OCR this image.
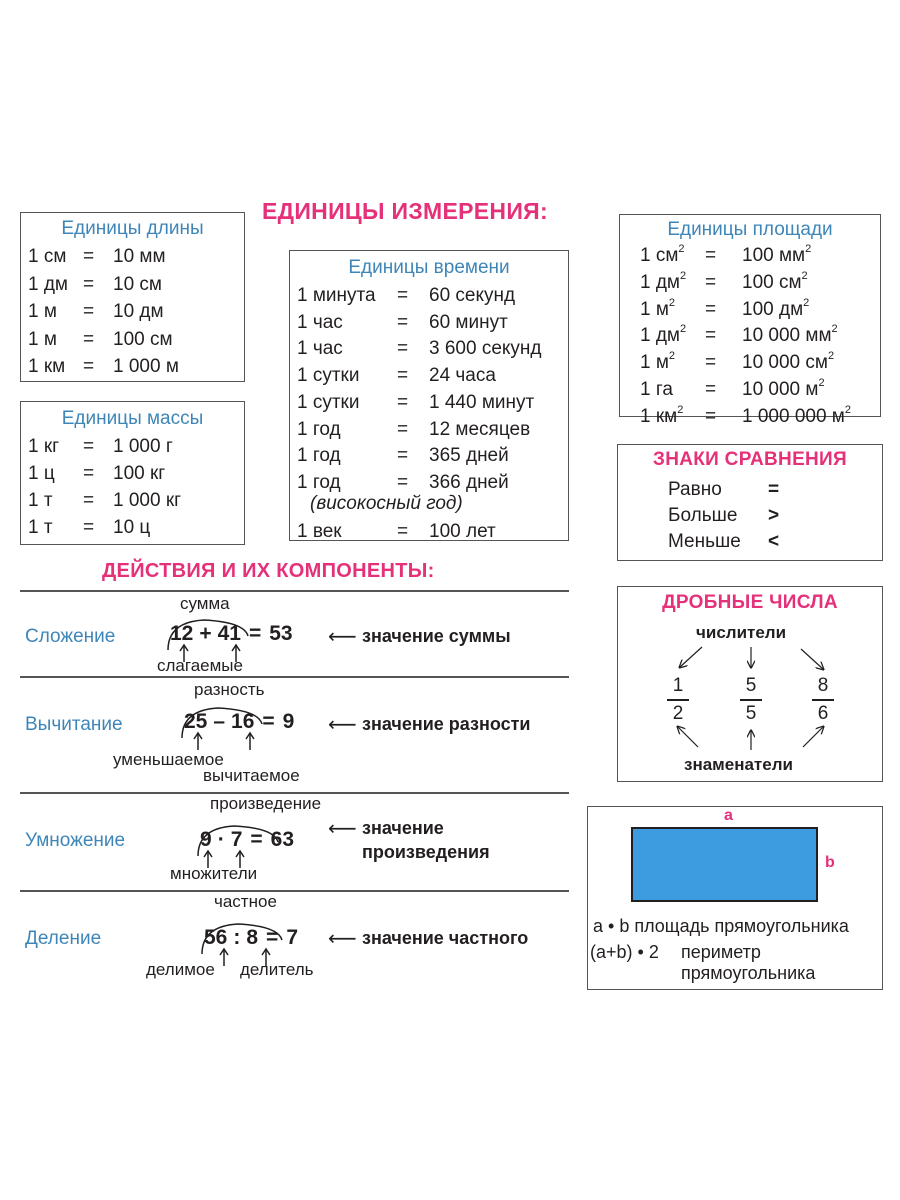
ЕДИНИЦЫ ИЗМЕРЕНИЯ:
Единицы длины
1 см = 10 мм
1 дм = 10 см
1 м = 10 дм
1 м = 100 см
1 км = 1 000 м
Единицы массы
1 кг = 1 000 г
1 ц = 100 кг
1 т = 1 000 кг
1 т = 10 ц
Единицы времени
1 минута = 60 секунд
1 час	= 60 минут
1 час	= 3 600 секунд
1 сутки = 24 часа
1 сутки = 1 440 минут
1 год	= 12 месяцев
1 год	= 365 дней
1 год	= 366 дней
1 век	= 100 лет
(високосный год)
Единицы площади
1 $см^2 = 100$ $мм^2$
1 $дм^2 = 100$ $см^2$
1 $м^2 = 100$ $дм^2$
1 $дм^2 = 10$ 000 $мм^2$
1 $м^2 = 10$ 000 $см^2$
1 га = 10 000 $м^2$
1 $км^2 = 1$ 000 000 $м^2$
ЗНАКИ СРАВНЕНИЯ
Равно =
Больше >
Меньше <
ДЕЙСТВИЯ И ИХ КОМПОНЕНТЫ:
Сложение
сумма
12 + 41 = 53 ⟵ значение суммы
слагаемые
Вычитание
разность
25 – 16 = 9 ⟵ значение разности
уменьшаемое
вычитаемое
Умножение
произведение
9 · 7 = 63 ⟵ значение
произведения
множители
Деление
частное
56 : 8 = 7 ⟵ значение частного
делимое делитель
ДРОБНЫЕ ЧИСЛА
числители
1
2
5
5
8
6
знаменатели
a
b
a • b площадь прямоугольника
(a+b) • 2 периметр
прямоугольника
